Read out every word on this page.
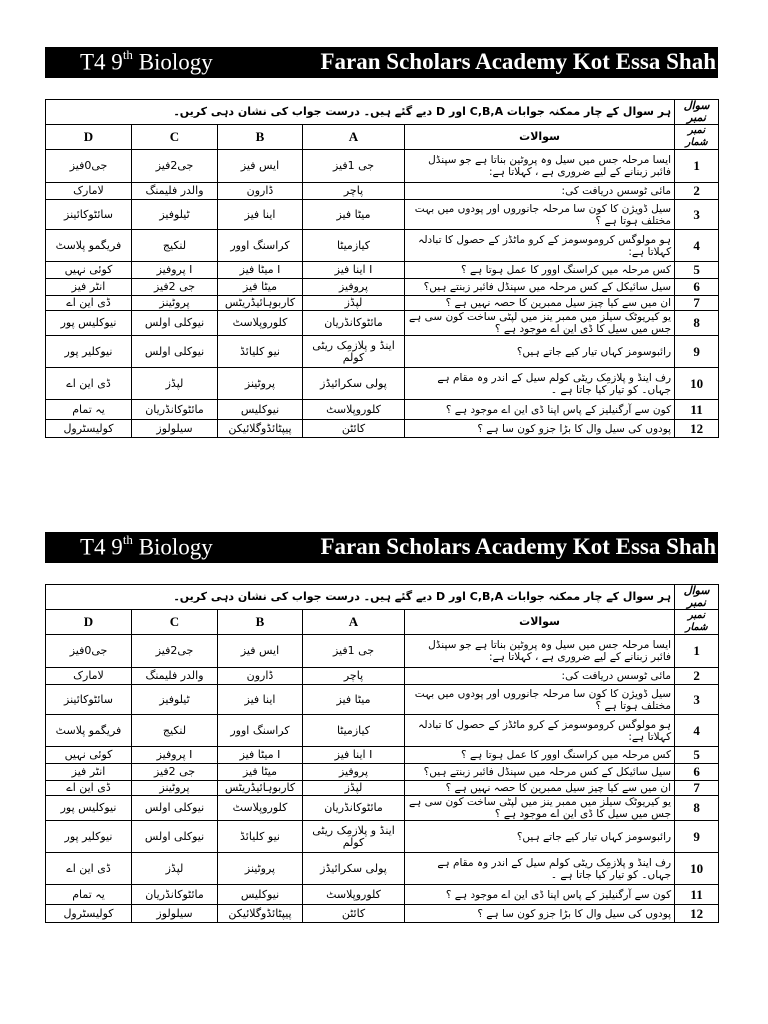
T4 9th Biology	Faran Scholars Academy Kot Essa Shah
ہر سوال کے چار ممکنہ جوابات C,B,A اور D دیے گئے ہیں۔ درست جواب کی نشان دہی کریں۔					سوال نمبر
D	C	B	A	سوالات	نمبر شمار
جی0فیز	جی2فیز	ایس فیز	جی 1فیز	ایسا مرحلہ جس میں سیل وہ پروٹین بناتا ہے جو سپنڈل فائبر زبنانے کے لیے ضروری ہے ، کہلاتا ہے:	1
لامارک	والدر فلیمنگ	ڈارون	پاچر	مائی ٹوسس دریافت کی:	2
سائٹوکائینز	ٹیلوفیز	اینا فیز	میٹا فیز	سیل ڈویژن کا کون سا مرحلہ جانوروں اور پودوں میں بہت مختلف ہوتا ہے ؟	3
فریگمو پلاسٹ	لنکیج	کراسنگ اوور	کیازمیٹا	ہو مولوگس کروموسومز کے کرو ماٹڈز کے حصول کا تبادلہ کہلاتا ہے:	4
کوئی نہیں	پروفیز I	میٹا فیز I	اینا فیز I	کس مرحلہ میں کراسنگ اوور کا عمل ہوتا ہے ؟	5
انٹر فیز	جی 2فیز	میٹا فیز	پروفیز	سیل سائیکل کے کس مرحلہ میں سپنڈل فائبر زبنتے ہیں؟	6
ڈی این اے	پروٹینز	کاربوہائیڈریٹس	لپڈز	ان میں سے کیا چیز سیل ممبرین کا حصہ نہیں ہے ؟	7
نیوکلیس پور	نیوکلی اولس	کلوروپلاسٹ	مائٹوکانڈریان	یو کیریوٹک سیلز میں ممبر ینز میں لپٹی ساخت کون سی ہے جس میں سیل کا ڈی این اے موجود ہے ؟	8
نیوکلیر پور	نیوکلی اولس	نیو کلیائڈ	اینڈ و پلازمِک ریٹی کولم	رائبوسومز کہاں تیار کیے جاتے ہیں؟	9
ڈی این اے	لپڈز	پروٹینز	پولی سکرائیڈز	رف اینڈ و پلازمِک ریٹی کولم سیل کے اندر وہ مقام ہے جہاں۔ کو تیار کیا جاتا ہے ۔	10
یہ تمام	مائٹوکانڈریان	نیوکلیس	کلوروپلاسٹ	کون سے آرگنیلیز کے پاس اپنا ڈی این اے موجود ہے ؟	11
کولیسٹرول	سیلولوز	پیپٹائڈوگلائیکن	کائٹن	پودوں کی سیل وال کا بڑا جزو کون سا ہے ؟	12
T4 9th Biology	Faran Scholars Academy Kot Essa Shah
ہر سوال کے چار ممکنہ جوابات C,B,A اور D دیے گئے ہیں۔ درست جواب کی نشان دہی کریں۔					سوال نمبر
D	C	B	A	سوالات	نمبر شمار
جی0فیز	جی2فیز	ایس فیز	جی 1فیز	ایسا مرحلہ جس میں سیل وہ پروٹین بناتا ہے جو سپنڈل فائبر زبنانے کے لیے ضروری ہے ، کہلاتا ہے:	1
لامارک	والدر فلیمنگ	ڈارون	پاچر	مائی ٹوسس دریافت کی:	2
سائٹوکائینز	ٹیلوفیز	اینا فیز	میٹا فیز	سیل ڈویژن کا کون سا مرحلہ جانوروں اور پودوں میں بہت مختلف ہوتا ہے ؟	3
فریگمو پلاسٹ	لنکیج	کراسنگ اوور	کیازمیٹا	ہو مولوگس کروموسومز کے کرو ماٹڈز کے حصول کا تبادلہ کہلاتا ہے:	4
کوئی نہیں	پروفیز I	میٹا فیز I	اینا فیز I	کس مرحلہ میں کراسنگ اوور کا عمل ہوتا ہے ؟	5
انٹر فیز	جی 2فیز	میٹا فیز	پروفیز	سیل سائیکل کے کس مرحلہ میں سپنڈل فائبر زبنتے ہیں؟	6
ڈی این اے	پروٹینز	کاربوہائیڈریٹس	لپڈز	ان میں سے کیا چیز سیل ممبرین کا حصہ نہیں ہے ؟	7
نیوکلیس پور	نیوکلی اولس	کلوروپلاسٹ	مائٹوکانڈریان	یو کیریوٹک سیلز میں ممبر ینز میں لپٹی ساخت کون سی ہے جس میں سیل کا ڈی این اے موجود ہے ؟	8
نیوکلیر پور	نیوکلی اولس	نیو کلیائڈ	اینڈ و پلازمِک ریٹی کولم	رائبوسومز کہاں تیار کیے جاتے ہیں؟	9
ڈی این اے	لپڈز	پروٹینز	پولی سکرائیڈز	رف اینڈ و پلازمِک ریٹی کولم سیل کے اندر وہ مقام ہے جہاں۔ کو تیار کیا جاتا ہے ۔	10
یہ تمام	مائٹوکانڈریان	نیوکلیس	کلوروپلاسٹ	کون سے آرگنیلیز کے پاس اپنا ڈی این اے موجود ہے ؟	11
کولیسٹرول	سیلولوز	پیپٹائڈوگلائیکن	کائٹن	پودوں کی سیل وال کا بڑا جزو کون سا ہے ؟	12
